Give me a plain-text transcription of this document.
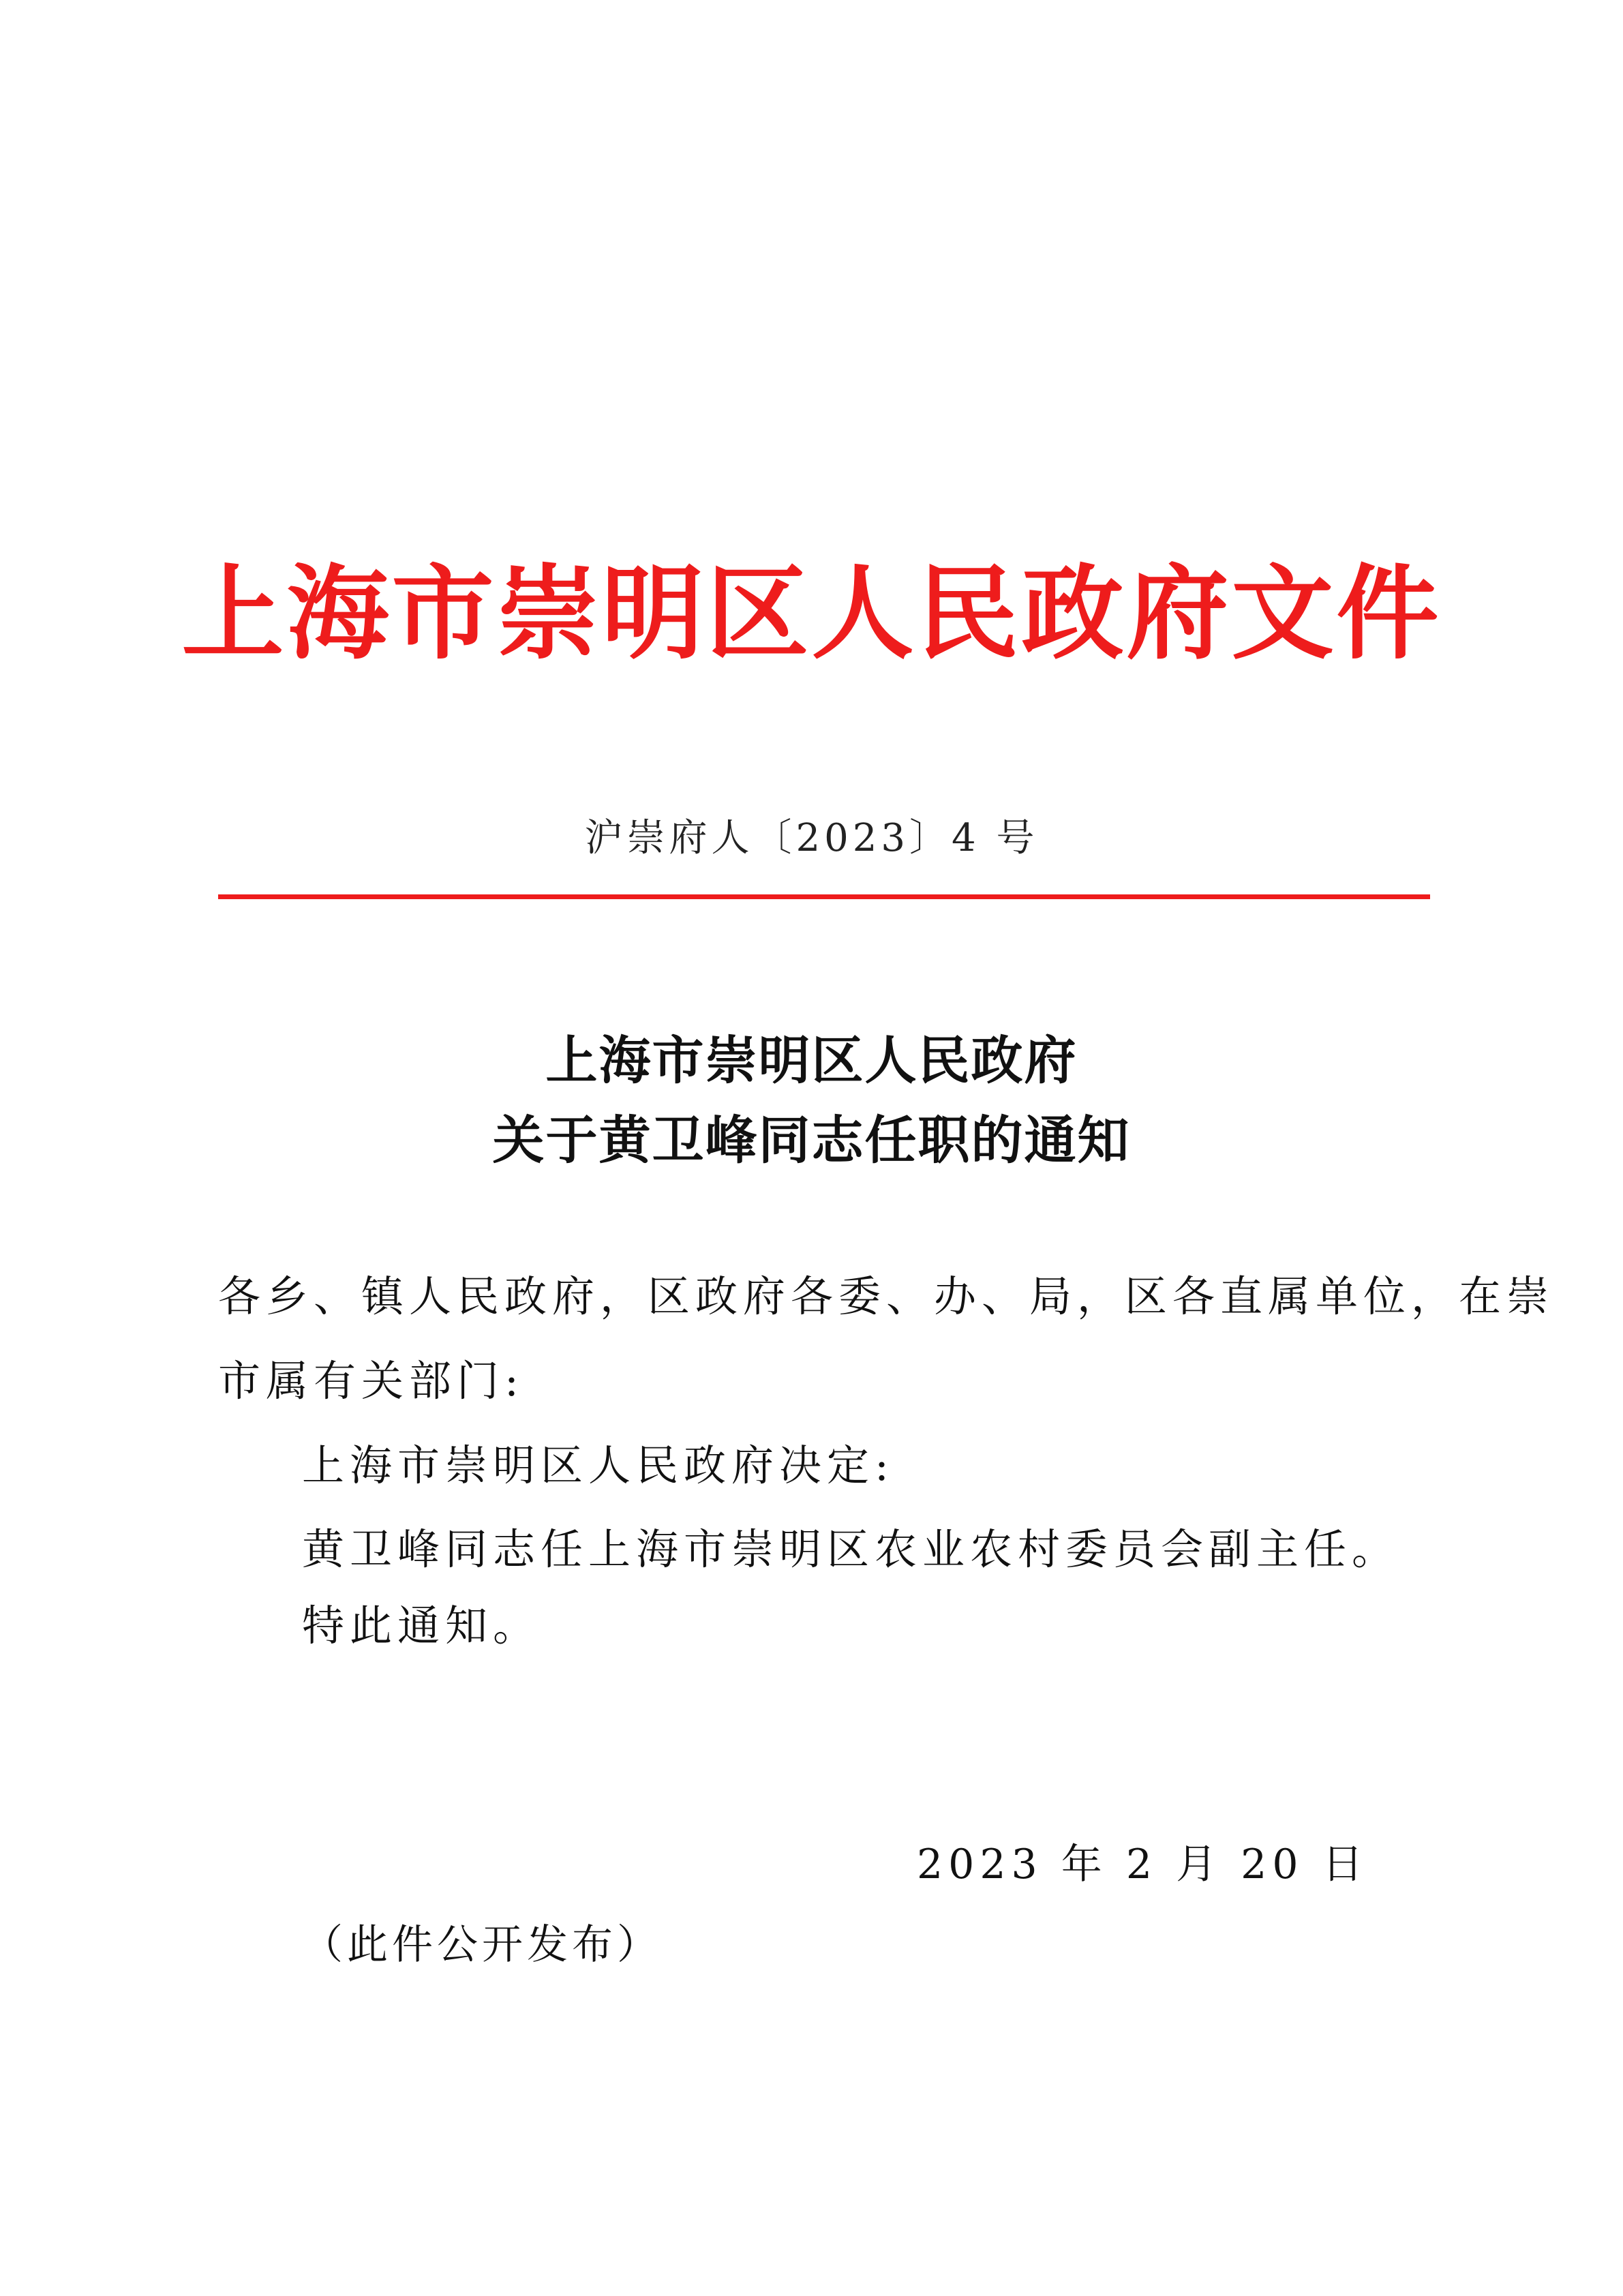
上海市崇明区人民政府文件
沪崇府人〔2023〕4 号
上海市崇明区人民政府
关于黄卫峰同志任职的通知

各乡、镇人民政府，区政府各委、办、局，区各直属单位，在崇

市属有关部门:

上海市崇明区人民政府决定:

黄卫峰同志任上海市崇明区农业农村委员会副主任。

特此通知。

2023 年 2 月 20 日
（此件公开发布）
